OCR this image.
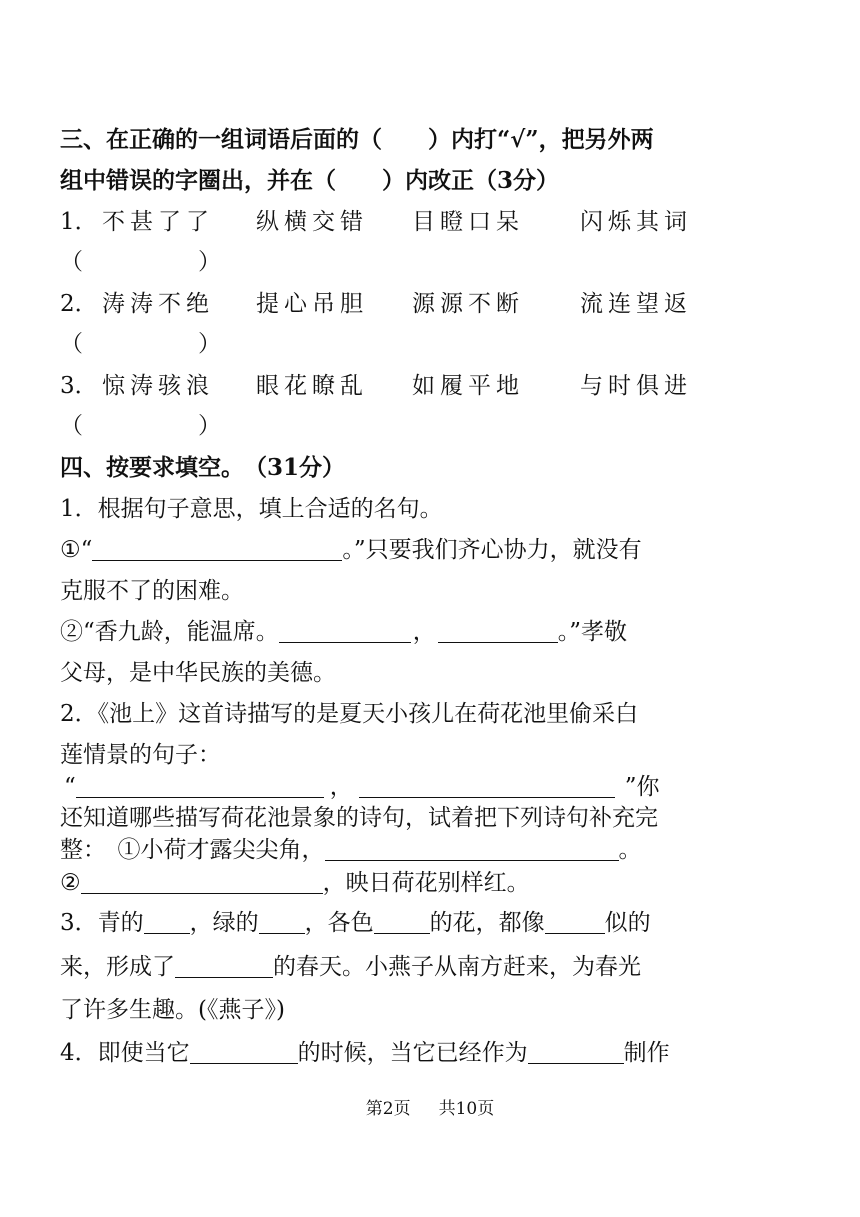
三、在正确的一组词语后面的（　　）内打“√”，把另外两
组中错误的字圈出，并在（　　）内改正（3分）
1． 不甚了了 纵横交错 目瞪口呆 闪烁其词
（　　　　　）
2． 涛涛不绝 提心吊胆 源源不断 流连望返
（　　　　　）
3． 惊涛骇浪 眼花瞭乱 如履平地 与时俱进
（　　　　　）
四、按要求填空。　（31分）
1．根据句子意思，填上合适的名句。
①“	。”只要我们齐心协力，就没有
克服不了的困难。
②“香九龄，能温席。	，	。”孝敬
父母，是中华民族的美德。
2．《池上》这首诗描写的是夏天小孩儿在荷花池里偷采白
莲情景的句子：
“	，	”你
还知道哪些描写荷花池景象的诗句，试着把下列诗句补充完
整：　①小荷才露尖尖角，	。
②	，映日荷花别样红。
3．青的 ，绿的 ，各色 的花，都像	似的
来，形成了	的春天。小燕子从南方赶来，为春光
了许多生趣。(《燕子》)
4．即使当它	的时候，当它已经作为	制作
第2页 共10页
